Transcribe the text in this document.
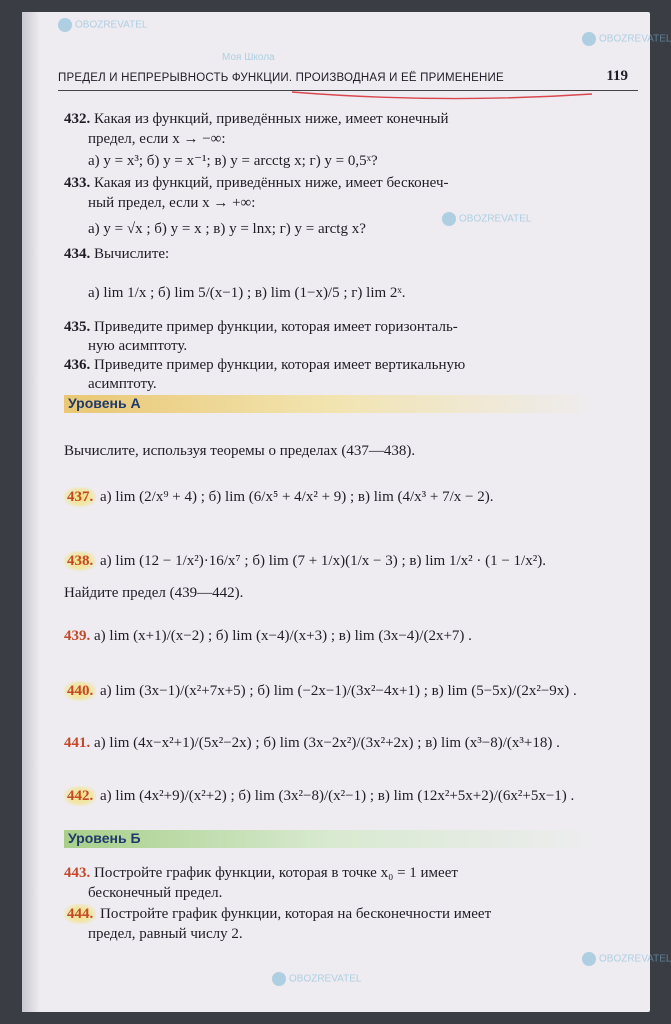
ПРЕДЕЛ И НЕПРЕРЫВНОСТЬ ФУНКЦИИ. ПРОИЗВОДНАЯ И ЕЁ ПРИМЕНЕНИЕ	119
432. Какая из функций, приведённых ниже, имеет конечный
предел, если x → −∞:
а) y = x³; б) y = x⁻¹; в) y = arcctg x; г) y = 0,5ˣ?
433. Какая из функций, приведённых ниже, имеет бесконеч-
ный предел, если x → +∞:
а) y = √x ; б) y = x ; в) y = lnx; г) y = arctg x?
434. Вычислите:
а) lim 1/x ; б) lim 5/(x−1) ; в) lim (1−x)/5 ; г) lim 2ˣ.
435. Приведите пример функции, которая имеет горизонталь-
ную асимптоту.
436. Приведите пример функции, которая имеет вертикальную
асимптоту.
Уровень А
Вычислите, используя теоремы о пределах (437—438).
437. а) lim (2/x⁹ + 4) ; б) lim (6/x⁵ + 4/x² + 9) ; в) lim (4/x³ + 7/x − 2).
438. а) lim (12 − 1/x²)·16/x⁷ ; б) lim (7 + 1/x)(1/x − 3) ; в) lim 1/x² · (1 − 1/x²).
Найдите предел (439—442).
439. а) lim (x+1)/(x−2) ; б) lim (x−4)/(x+3) ; в) lim (3x−4)/(2x+7) .
440. а) lim (3x−1)/(x²+7x+5) ; б) lim (−2x−1)/(3x²−4x+1) ; в) lim (5−5x)/(2x²−9x) .
441. а) lim (4x−x²+1)/(5x²−2x) ; б) lim (3x−2x²)/(3x²+2x) ; в) lim (x³−8)/(x³+18) .
442. а) lim (4x²+9)/(x²+2) ; б) lim (3x²−8)/(x²−1) ; в) lim (12x²+5x+2)/(6x²+5x−1) .
Уровень Б
443. Постройте график функции, которая в точке x₀ = 1 имеет
бесконечный предел.
444. Постройте график функции, которая на бесконечности имеет
предел, равный числу 2.
OBOZREVATEL
Моя Школа
OBOZREVATEL
OBOZREVATEL
OBOZREVATEL
OBOZREVATEL
